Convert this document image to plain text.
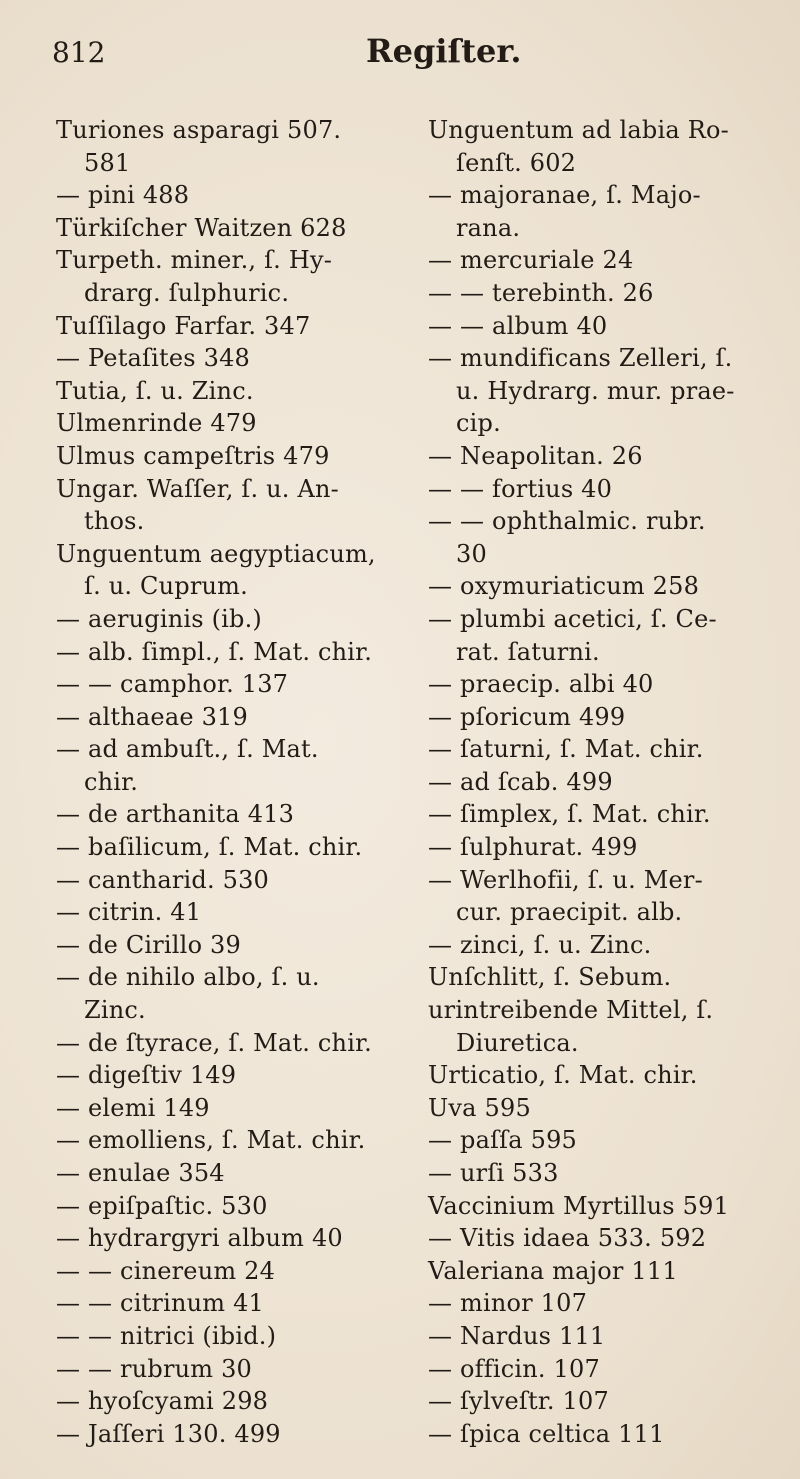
812	Regiſter.
Turiones asparagi 507.
581
— pini 488
Türkiſcher Waitzen 628
Turpeth. miner., ſ. Hy-
drarg. ſulphuric.
Tuſſilago Farfar. 347
— Petaſites 348
Tutia, ſ. u. Zinc.
Ulmenrinde 479
Ulmus campeſtris 479
Ungar. Waſſer, ſ. u. An-
thos.
Unguentum aegyptiacum,
ſ. u. Cuprum.
— aeruginis (ib.)
— alb. ſimpl., ſ. Mat. chir.
— — camphor. 137
— althaeae 319
— ad ambuſt., ſ. Mat.
chir.
— de arthanita 413
— baſilicum, ſ. Mat. chir.
— cantharid. 530
— citrin. 41
— de Cirillo 39
— de nihilo albo, ſ. u.
Zinc.
— de ſtyrace, ſ. Mat. chir.
— digeſtiv 149
— elemi 149
— emolliens, ſ. Mat. chir.
— enulae 354
— epiſpaſtic. 530
— hydrargyri album 40
— — cinereum 24
— — citrinum 41
— — nitrici (ibid.)
— — rubrum 30
— hyoſcyami 298
— Jaſſeri 130. 499
Unguentum ad labia Ro-
ſenſt. 602
— majoranae, ſ. Majo-
rana.
— mercuriale 24
— — terebinth. 26
— — album 40
— mundificans Zelleri, ſ.
u. Hydrarg. mur. prae-
cip.
— Neapolitan. 26
— — fortius 40
— — ophthalmic. rubr.
30
— oxymuriaticum 258
— plumbi acetici, ſ. Ce-
rat. ſaturni.
— praecip. albi 40
— pſoricum 499
— ſaturni, ſ. Mat. chir.
— ad ſcab. 499
— ſimplex, ſ. Mat. chir.
— ſulphurat. 499
— Werlhofii, ſ. u. Mer-
cur. praecipit. alb.
— zinci, ſ. u. Zinc.
Unſchlitt, ſ. Sebum.
urintreibende Mittel, ſ.
Diuretica.
Urticatio, ſ. Mat. chir.
Uva 595
— paſſa 595
— urſi 533
Vaccinium Myrtillus 591
— Vitis idaea 533. 592
Valeriana major 111
— minor 107
— Nardus 111
— officin. 107
— ſylveſtr. 107
— ſpica celtica 111
